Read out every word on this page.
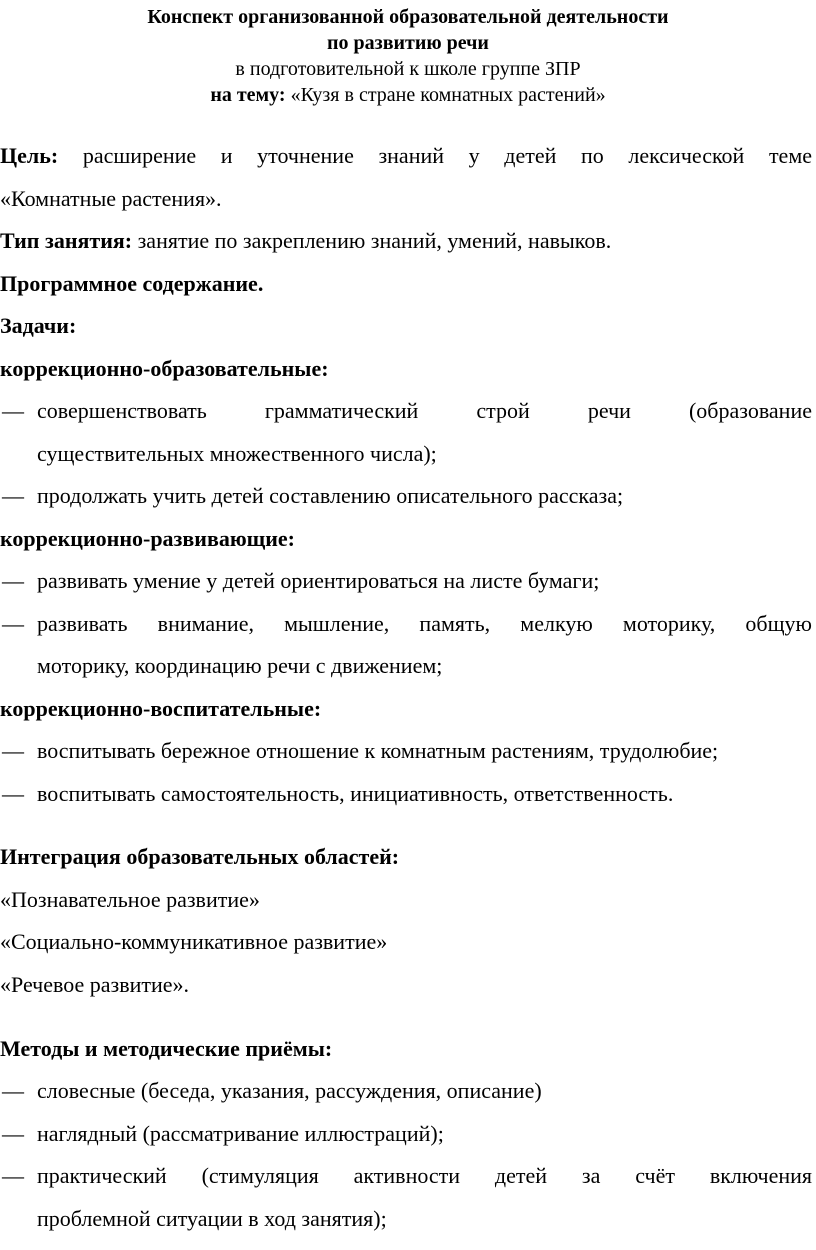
Конспект организованной образовательной деятельности
по развитию речи
в подготовительной к школе группе ЗПР
на тему: «Кузя в стране комнатных растений»
Цель: расширение и уточнение знаний у детей по лексической теме
«Комнатные растения».
Тип занятия: занятие по закреплению знаний, умений, навыков.
Программное содержание.
Задачи:
коррекционно-образовательные:
— совершенствовать грамматический строй речи (образование
существительных множественного числа);
— продолжать учить детей составлению описательного рассказа;
коррекционно-развивающие:
— развивать умение у детей ориентироваться на листе бумаги;
— развивать внимание, мышление, память, мелкую моторику, общую
моторику, координацию речи с движением;
коррекционно-воспитательные:
— воспитывать бережное отношение к комнатным растениям, трудолюбие;
— воспитывать самостоятельность, инициативность, ответственность.
Интеграция образовательных областей:
«Познавательное развитие»
«Социально-коммуникативное развитие»
«Речевое развитие».
Методы и методические приёмы:
— словесные (беседа, указания, рассуждения, описание)
— наглядный (рассматривание иллюстраций);
— практический (стимуляция активности детей за счёт включения
проблемной ситуации в ход занятия);
